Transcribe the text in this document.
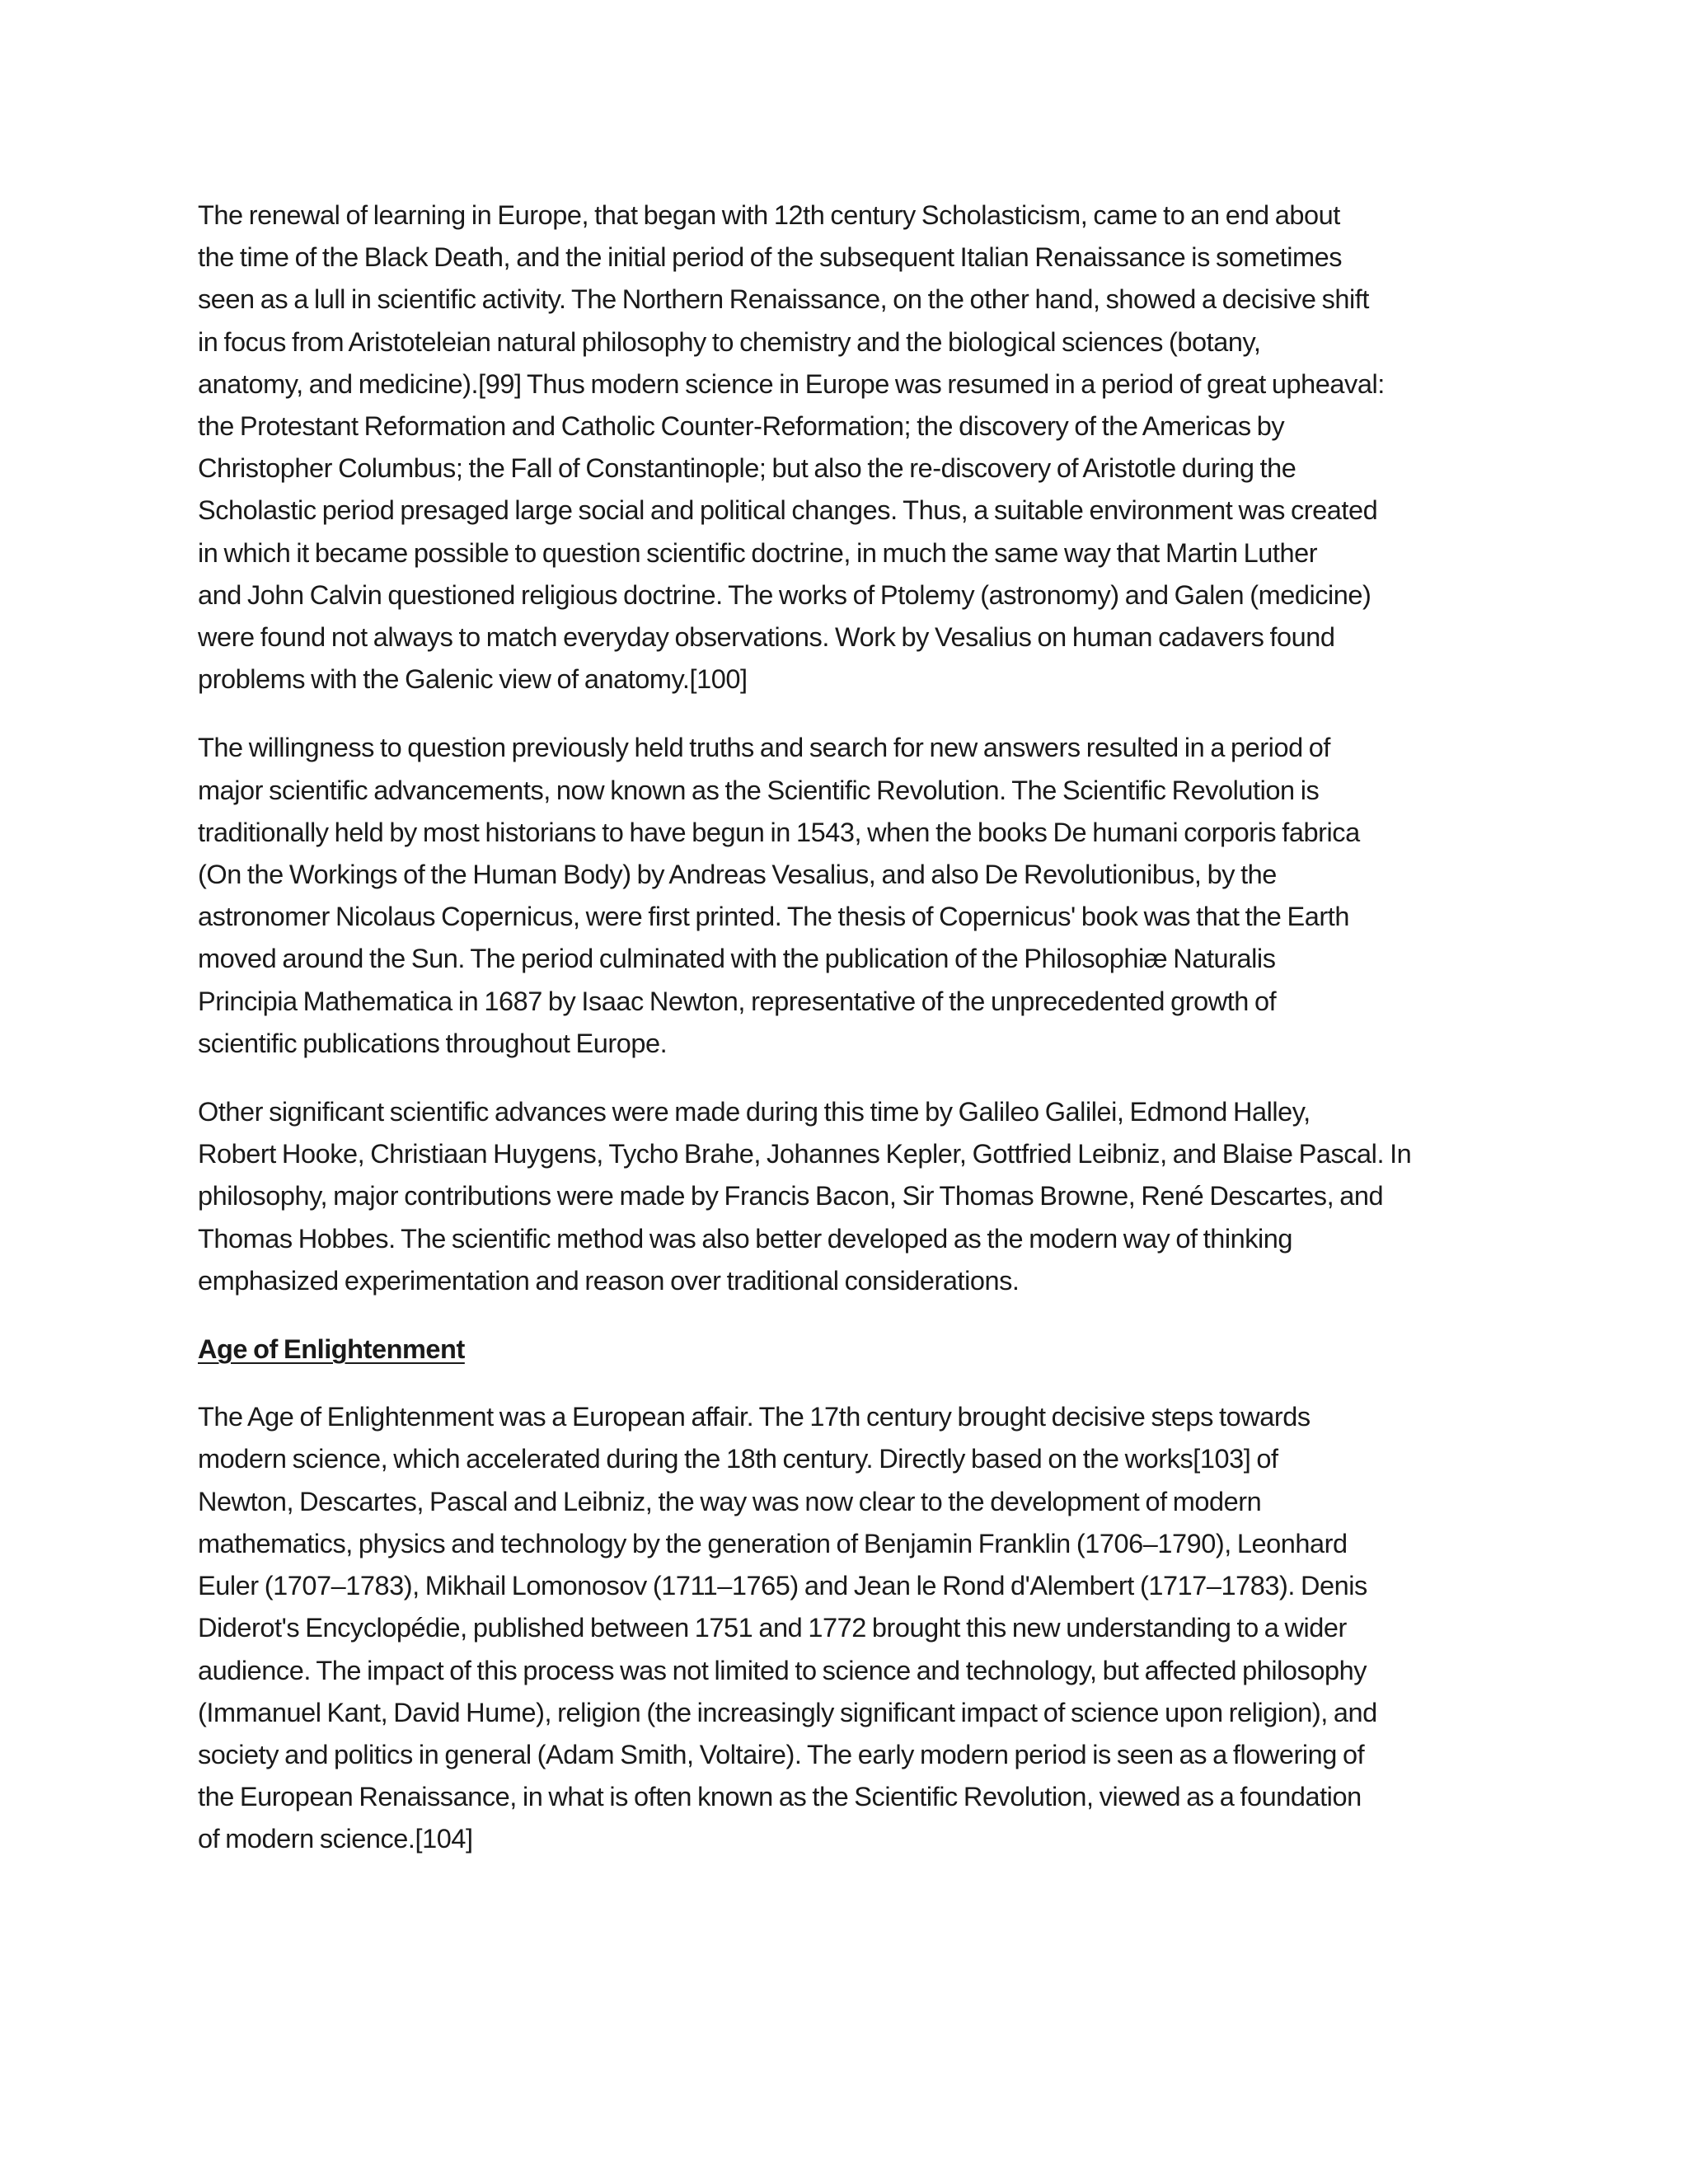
The renewal of learning in Europe, that began with 12th century Scholasticism, came to an end about
the time of the Black Death, and the initial period of the subsequent Italian Renaissance is sometimes
seen as a lull in scientific activity. The Northern Renaissance, on the other hand, showed a decisive shift
in focus from Aristoteleian natural philosophy to chemistry and the biological sciences (botany,
anatomy, and medicine).[99] Thus modern science in Europe was resumed in a period of great upheaval:
the Protestant Reformation and Catholic Counter-Reformation; the discovery of the Americas by
Christopher Columbus; the Fall of Constantinople; but also the re-discovery of Aristotle during the
Scholastic period presaged large social and political changes. Thus, a suitable environment was created
in which it became possible to question scientific doctrine, in much the same way that Martin Luther
and John Calvin questioned religious doctrine. The works of Ptolemy (astronomy) and Galen (medicine)
were found not always to match everyday observations. Work by Vesalius on human cadavers found
problems with the Galenic view of anatomy.[100]

The willingness to question previously held truths and search for new answers resulted in a period of
major scientific advancements, now known as the Scientific Revolution. The Scientific Revolution is
traditionally held by most historians to have begun in 1543, when the books De humani corporis fabrica
(On the Workings of the Human Body) by Andreas Vesalius, and also De Revolutionibus, by the
astronomer Nicolaus Copernicus, were first printed. The thesis of Copernicus' book was that the Earth
moved around the Sun. The period culminated with the publication of the Philosophiæ Naturalis
Principia Mathematica in 1687 by Isaac Newton, representative of the unprecedented growth of
scientific publications throughout Europe.

Other significant scientific advances were made during this time by Galileo Galilei, Edmond Halley,
Robert Hooke, Christiaan Huygens, Tycho Brahe, Johannes Kepler, Gottfried Leibniz, and Blaise Pascal. In
philosophy, major contributions were made by Francis Bacon, Sir Thomas Browne, René Descartes, and
Thomas Hobbes. The scientific method was also better developed as the modern way of thinking
emphasized experimentation and reason over traditional considerations.

Age of Enlightenment

The Age of Enlightenment was a European affair. The 17th century brought decisive steps towards
modern science, which accelerated during the 18th century. Directly based on the works[103] of
Newton, Descartes, Pascal and Leibniz, the way was now clear to the development of modern
mathematics, physics and technology by the generation of Benjamin Franklin (1706–1790), Leonhard
Euler (1707–1783), Mikhail Lomonosov (1711–1765) and Jean le Rond d'Alembert (1717–1783). Denis
Diderot's Encyclopédie, published between 1751 and 1772 brought this new understanding to a wider
audience. The impact of this process was not limited to science and technology, but affected philosophy
(Immanuel Kant, David Hume), religion (the increasingly significant impact of science upon religion), and
society and politics in general (Adam Smith, Voltaire). The early modern period is seen as a flowering of
the European Renaissance, in what is often known as the Scientific Revolution, viewed as a foundation
of modern science.[104]
